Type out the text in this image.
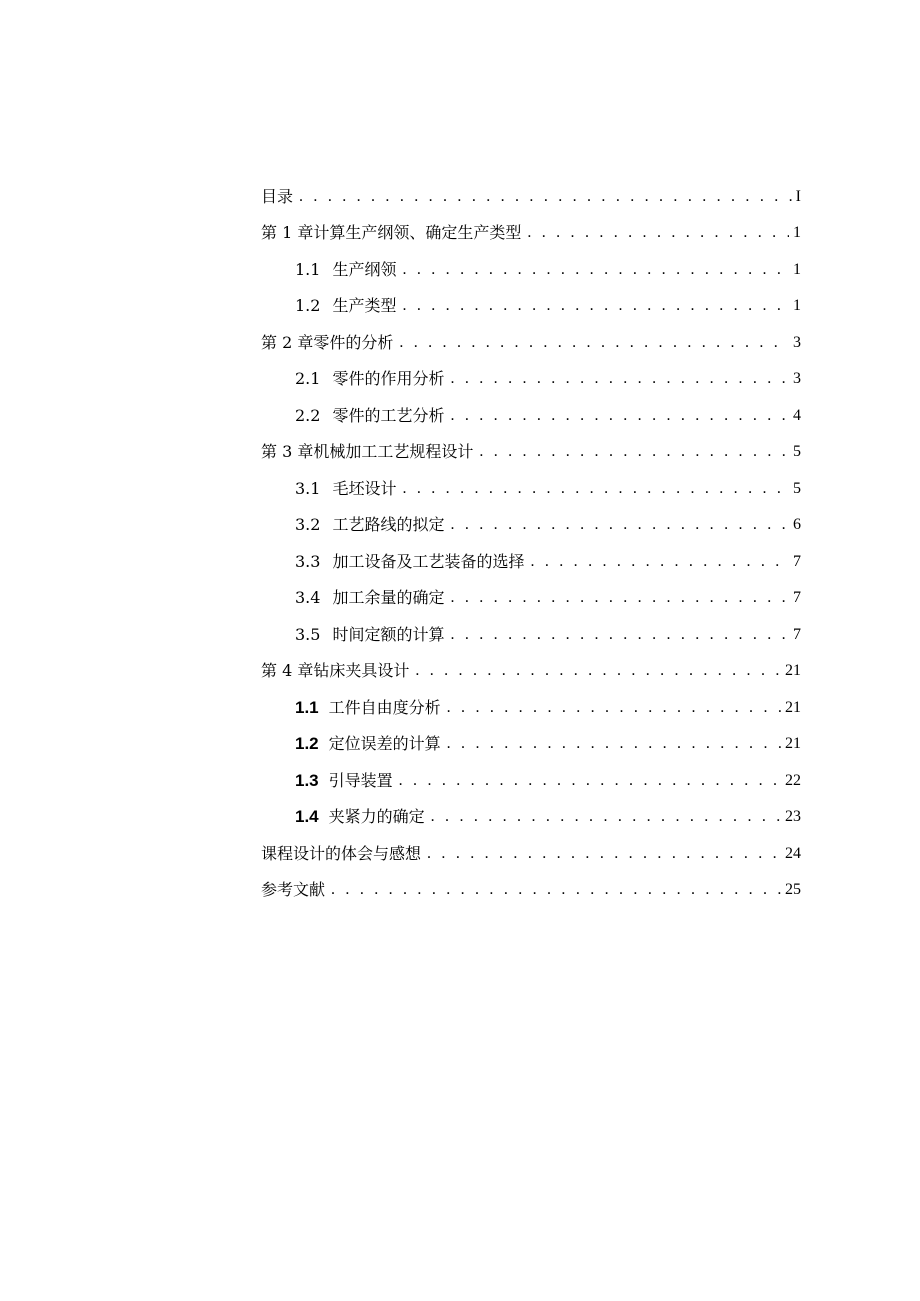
目录 . . .	I
第 1 章计算生产纲领、确定生产类型 . . .	1
1.1 生产纲领 . . .	1
1.2 生产类型 . . .	1
第 2 章零件的分析 . . .	3
2.1 零件的作用分析 . . .	3
2.2 零件的工艺分析 . . .	4
第 3 章机械加工工艺规程设计 . . .	5
3.1 毛坯设计 . . .	5
3.2 工艺路线的拟定 . . .	6
3.3 加工设备及工艺装备的选择 . . .	7
3.4 加工余量的确定 . . .	7
3.5 时间定额的计算 . . .	7
第 4 章钻床夹具设计 . . .	21
1.1 工件自由度分析 . . .	21
1.2 定位误差的计算 . . .	21
1.3 引导装置 . . .	22
1.4 夹紧力的确定 . . .	23
课程设计的体会与感想 . . .	24
参考文献 . . .	25
